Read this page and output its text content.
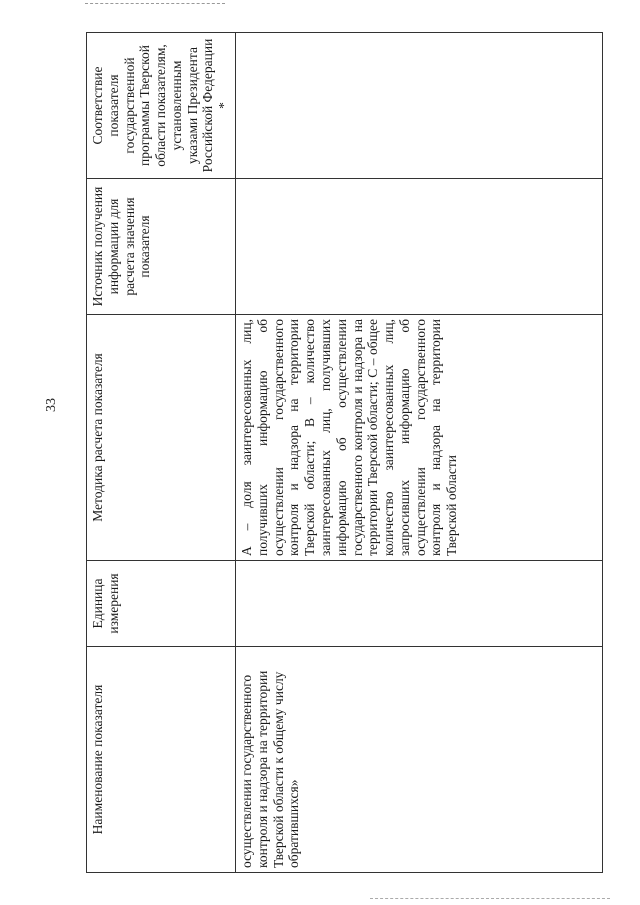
33
Наименование показателя	Единица измерения	Методика расчета показателя	Источник получения информации для расчета значения показателя	Соответствие показателя государственной программы Тверской области показателям, установленным указами Президента Российской Федерации *
осуществлении государственного контроля и надзора на территории Тверской области к общему числу обратившихся»		А – доля заинтересованных лиц, получивших информацию об осуществлении государственного контроля и надзора на территории Тверской области; В – количество заинтересованных лиц, получивших информацию об осуществлении государственного контроля и надзора на территории Тверской области; С – общее количество заинтересованных лиц, запросивших информацию об осуществлении государственного контроля и надзора на территории Тверской области		
